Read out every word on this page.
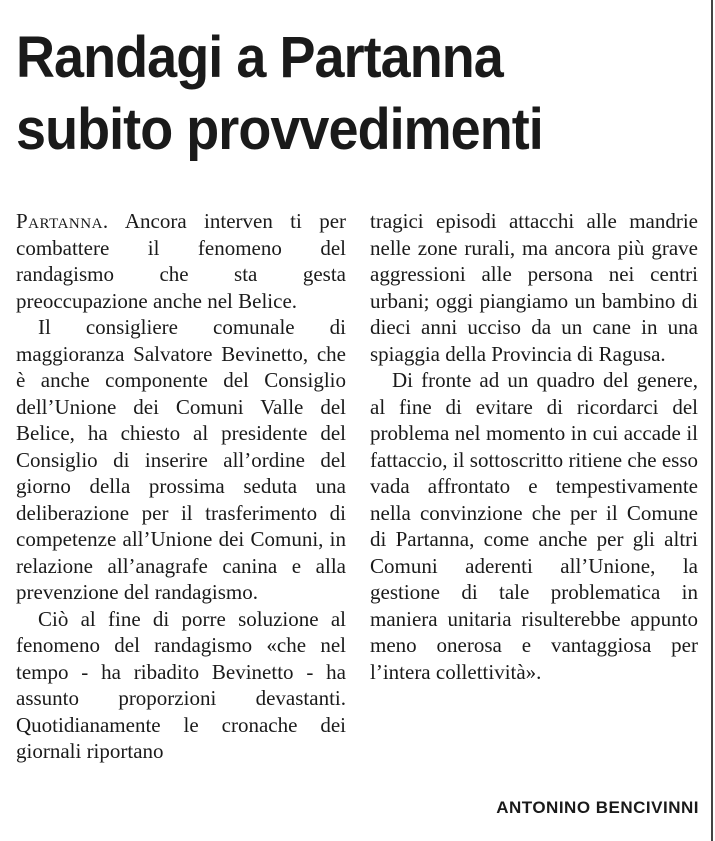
Randagi a Partanna
subito provvedimenti

Partanna. Ancora interven ti per combattere il fenomeno del randagismo che sta gesta preoccupazione anche nel Belice.

Il consigliere comunale di maggioranza Salvatore Bevinetto, che è anche componente del Consiglio dell’Unione dei Comuni Valle del Belice, ha chiesto al presidente del Consiglio di inserire all’ordine del giorno della prossima seduta una deliberazione per il trasferimento di competenze all’Unione dei Comuni, in relazione all’anagrafe canina e alla prevenzione del randagismo.

Ciò al fine di porre soluzione al fenomeno del randagismo «che nel tempo - ha ribadito Bevinetto - ha assunto proporzioni devastanti. Quotidianamente le cronache dei giornali riportano

tragici episodi attacchi alle mandrie nelle zone rurali, ma ancora più grave aggressioni alle persona nei centri urbani; oggi piangiamo un bambino di dieci anni ucciso da un cane in una spiaggia della Provincia di Ragusa.

Di fronte ad un quadro del genere, al fine di evitare di ricordarci del problema nel momento in cui accade il fattaccio, il sottoscritto ritiene che esso vada affrontato e tempestivamente nella convinzione che per il Comune di Partanna, come anche per gli altri Comuni aderenti all’Unione, la gestione di tale problematica in maniera unitaria risulterebbe appunto meno onerosa e vantaggiosa per l’intera collettività».

ANTONINO BENCIVINNI
